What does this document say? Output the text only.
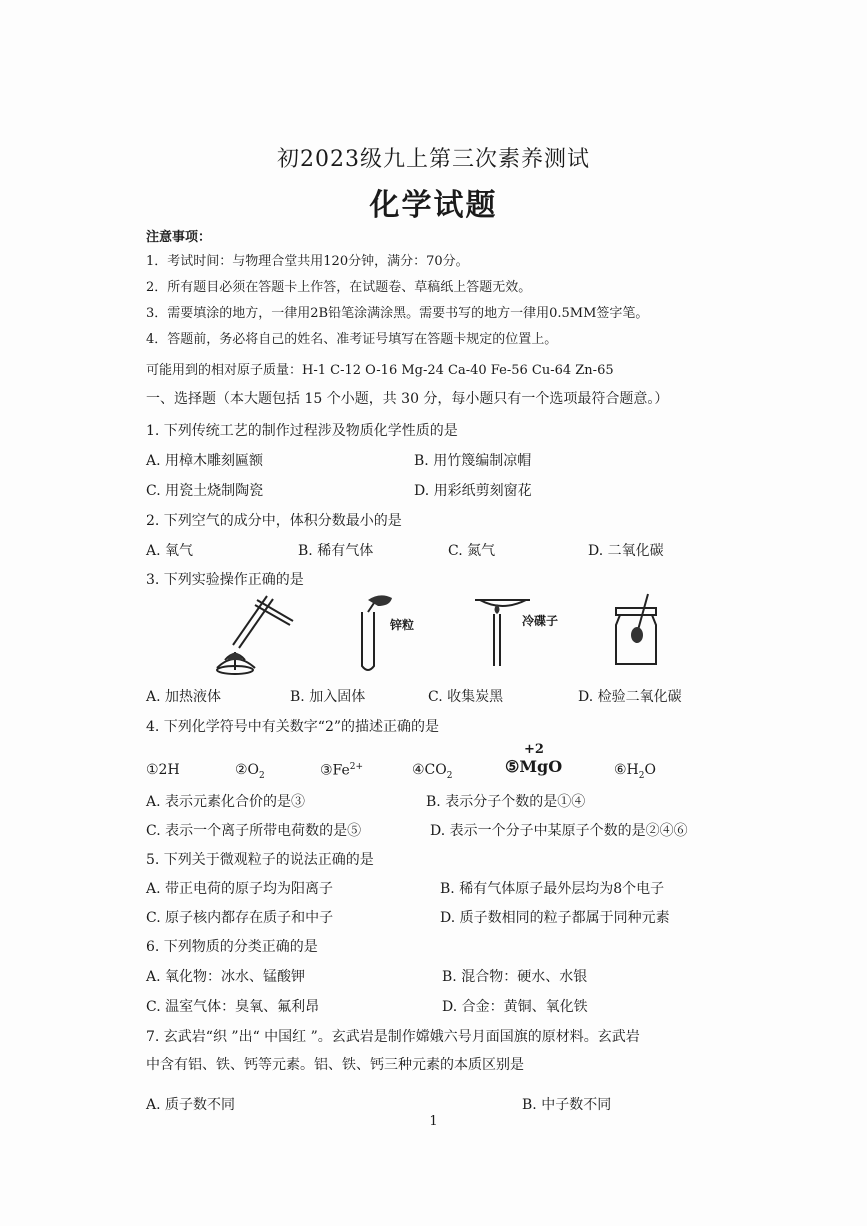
初2023级九上第三次素养测试
化学试题
注意事项：
1．考试时间：与物理合堂共用120分钟，满分：70分。
2．所有题目必须在答题卡上作答，在试题卷、草稿纸上答题无效。
3．需要填涂的地方，一律用2B铅笔涂满涂黑。需要书写的地方一律用0.5MM签字笔。
4．答题前，务必将自己的姓名、准考证号填写在答题卡规定的位置上。
可能用到的相对原子质量：H-1 C-12 O-16 Mg-24 Ca-40 Fe-56 Cu-64 Zn-65
一、选择题（本大题包括 15 个小题，共 30 分，每小题只有一个选项最符合题意。）
1. 下列传统工艺的制作过程涉及物质化学性质的是
A. 用樟木雕刻匾额	B. 用竹篾编制凉帽
C. 用瓷土烧制陶瓷	D. 用彩纸剪刻窗花
2. 下列空气的成分中，体积分数最小的是
A. 氧气	B. 稀有气体	C. 氮气	D. 二氧化碳
3. 下列实验操作正确的是
锌粒	冷碟子
A. 加热液体	B. 加入固体	C. 收集炭黑	D. 检验二氧化碳
4. 下列化学符号中有关数字“2”的描述正确的是
①2H	$②O_2$	$③Fe^{2+}$	$④CO_2$
+2
⑤MgO	$⑥H_2O$
A. 表示元素化合价的是③	B. 表示分子个数的是①④
C. 表示一个离子所带电荷数的是⑤	D. 表示一个分子中某原子个数的是②④⑥
5. 下列关于微观粒子的说法正确的是
A. 带正电荷的原子均为阳离子	B. 稀有气体原子最外层均为8个电子
C. 原子核内都存在质子和中子	D. 质子数相同的粒子都属于同种元素
6. 下列物质的分类正确的是
A. 氧化物：冰水、锰酸钾	B. 混合物：硬水、水银
C. 温室气体：臭氧、氟利昂	D. 合金：黄铜、氧化铁
7. 玄武岩“织 ”出“ 中国红 ”。玄武岩是制作嫦娥六号月面国旗的原材料。玄武岩
中含有铝、铁、钙等元素。铝、铁、钙三种元素的本质区别是
A. 质子数不同	B. 中子数不同
1
